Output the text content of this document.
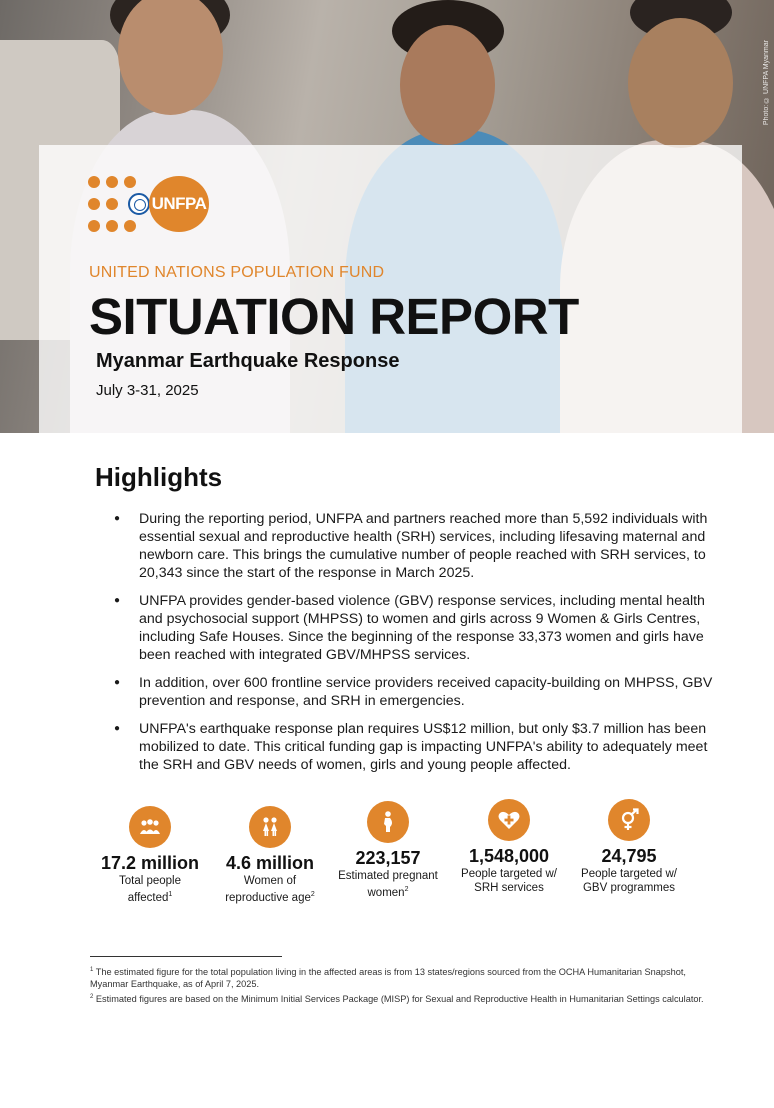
Photo: © UNFPA Myanmar
UNFPA
UNITED NATIONS POPULATION FUND
SITUATION REPORT
Myanmar Earthquake Response
July 3-31, 2025
Highlights
● During the reporting period, UNFPA and partners reached more than 5,592 individuals with essential sexual and reproductive health (SRH) services, including lifesaving maternal and newborn care. This brings the cumulative number of people reached with SRH services, to 20,343 since the start of the response in March 2025.
● UNFPA provides gender-based violence (GBV) response services, including mental health and psychosocial support (MHPSS) to women and girls across 9 Women & Girls Centres, including Safe Houses. Since the beginning of the response 33,373 women and girls have been reached with integrated GBV/MHPSS services.
● In addition, over 600 frontline service providers received capacity-building on MHPSS, GBV prevention and response, and SRH in emergencies.
● UNFPA's earthquake response plan requires US$12 million, but only $3.7 million has been mobilized to date. This critical funding gap is impacting UNFPA's ability to adequately meet the SRH and GBV needs of women, girls and young people affected.
17.2 million
Total people
affected$^1$
4.6 million
Women of
reproductive age$^2$
223,157
Estimated pregnant
women$^2$
1,548,000
People targeted w/
SRH services
24,795
People targeted w/
GBV programmes

$^1$ The estimated figure for the total population living in the affected areas is from 13 states/regions sourced from the OCHA Humanitarian Snapshot, Myanmar Earthquake, as of April 7, 2025.

$^2$ Estimated figures are based on the Minimum Initial Services Package (MISP) for Sexual and Reproductive Health in Humanitarian Settings calculator.
